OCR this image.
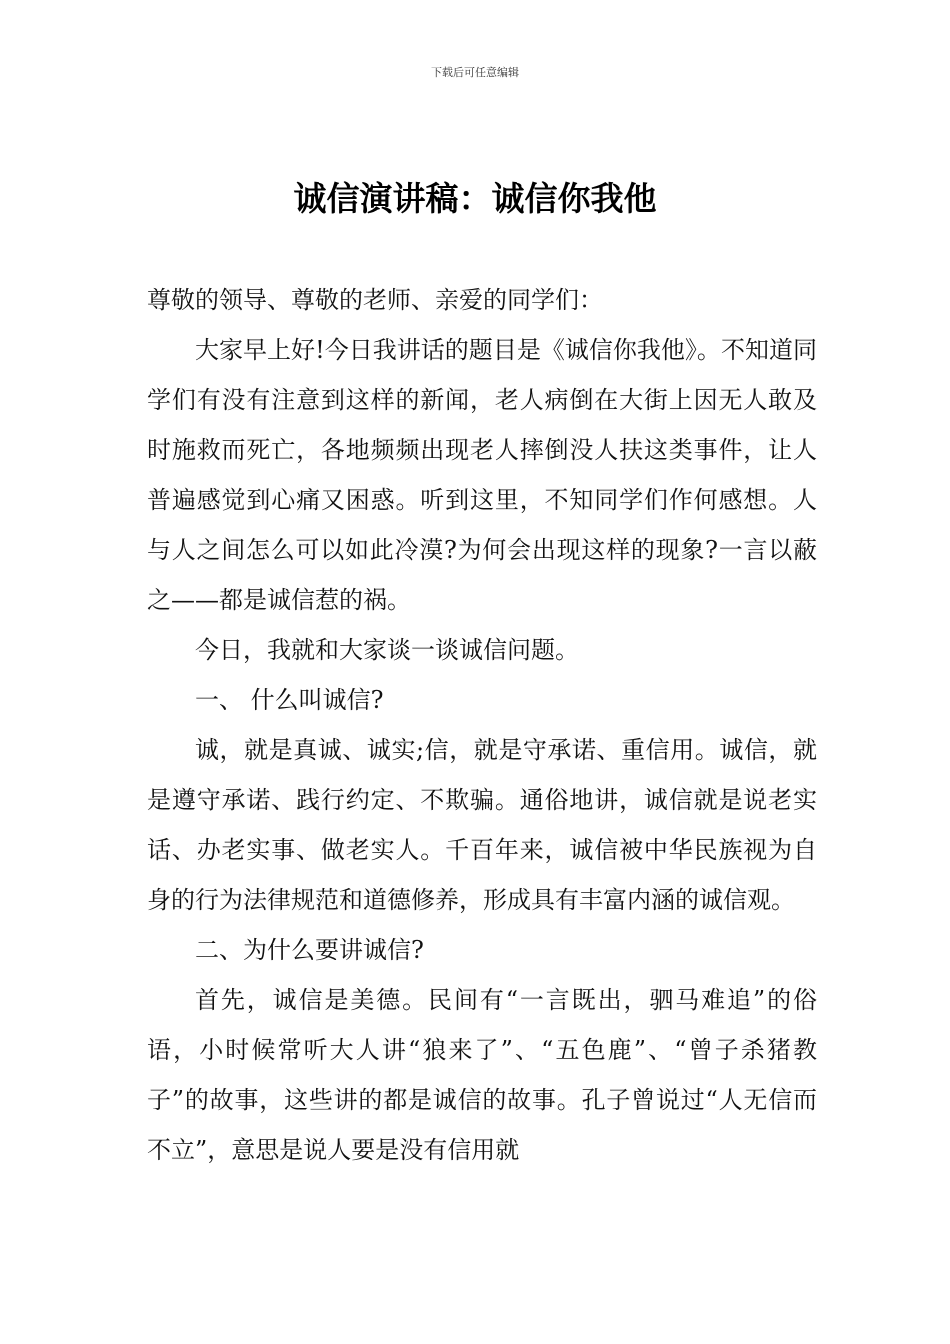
下载后可任意编辑
诚信演讲稿：诚信你我他

尊敬的领导、尊敬的老师、亲爱的同学们：

大家早上好!今日我讲话的题目是《诚信你我他》。不知道同学们有没有注意到这样的新闻，老人病倒在大街上因无人敢及时施救而死亡，各地频频出现老人摔倒没人扶这类事件，让人普遍感觉到心痛又困惑。听到这里，不知同学们作何感想。人与人之间怎么可以如此冷漠?为何会出现这样的现象?一言以蔽之——都是诚信惹的祸。

今日，我就和大家谈一谈诚信问题。

一、 什么叫诚信?

诚，就是真诚、诚实;信，就是守承诺、重信用。诚信，就是遵守承诺、践行约定、不欺骗。通俗地讲，诚信就是说老实话、办老实事、做老实人。千百年来，诚信被中华民族视为自身的行为法律规范和道德修养，形成具有丰富内涵的诚信观。

二、为什么要讲诚信?

首先，诚信是美德。民间有“一言既出，驷马难追”的俗语，小时候常听大人讲“狼来了”、“五色鹿”、“曾子杀猪教子”的故事，这些讲的都是诚信的故事。孔子曾说过“人无信而不立”，意思是说人要是没有信用就
